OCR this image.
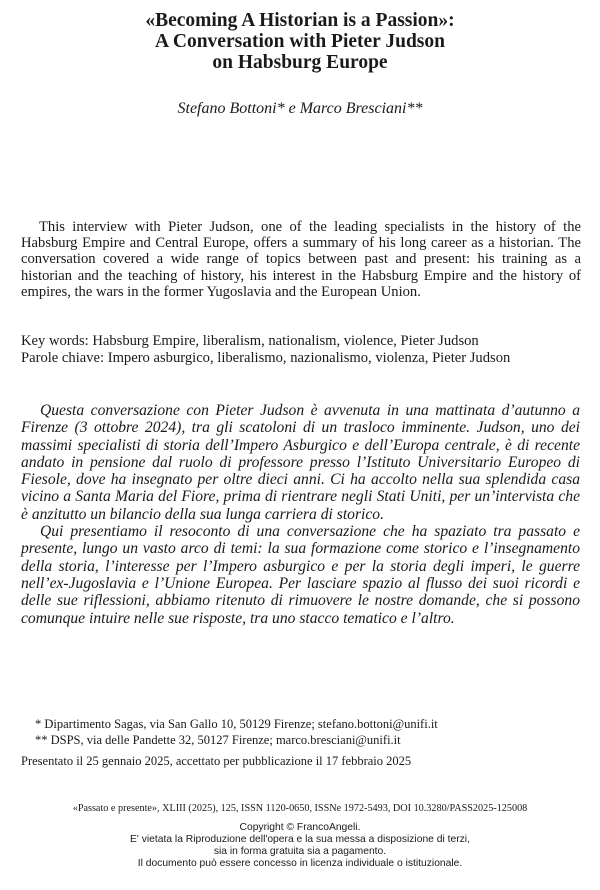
«Becoming A Historian is a Passion»:
A Conversation with Pieter Judson
on Habsburg Europe
Stefano Bottoni* e Marco Bresciani**

This interview with Pieter Judson, one of the leading specialists in the history of the Habsburg Empire and Central Europe, offers a summary of his long career as a historian. The conversation covered a wide range of topics between past and present: his training as a historian and the teaching of history, his interest in the Habsburg Empire and the history of empires, the wars in the former Yugoslavia and the European Union.

Key words: Habsburg Empire, liberalism, nationalism, violence, Pieter Judson
Parole chiave: Impero asburgico, liberalismo, nazionalismo, violenza, Pieter Judson

Questa conversazione con Pieter Judson è avvenuta in una mattinata d’autunno a Firenze (3 ottobre 2024), tra gli scatoloni di un trasloco imminente. Judson, uno dei massimi specialisti di storia dell’Impero Asburgico e dell’Europa centrale, è di recente andato in pensione dal ruolo di professore presso l’Istituto Universitario Europeo di Fiesole, dove ha insegnato per oltre dieci anni. Ci ha accolto nella sua splendida casa vicino a Santa Maria del Fiore, prima di rientrare negli Stati Uniti, per un’intervista che è anzitutto un bilancio della sua lunga carriera di storico.

Qui presentiamo il resoconto di una conversazione che ha spaziato tra passato e presente, lungo un vasto arco di temi: la sua formazione come storico e l’insegnamento della storia, l’interesse per l’Impero asburgico e per la storia degli imperi, le guerre nell’ex-Jugoslavia e l’Unione Europea. Per lasciare spazio al flusso dei suoi ricordi e delle sue riflessioni, abbiamo ritenuto di rimuovere le nostre domande, che si possono comunque intuire nelle sue risposte, tra uno stacco tematico e l’altro.

* Dipartimento Sagas, via San Gallo 10, 50129 Firenze; stefano.bottoni@unifi.it
** DSPS, via delle Pandette 32, 50127 Firenze; marco.bresciani@unifi.it
Presentato il 25 gennaio 2025, accettato per pubblicazione il 17 febbraio 2025
«Passato e presente», XLIII (2025), 125, ISSN 1120-0650, ISSNe 1972-5493, DOI 10.3280/PASS2025-125008
Copyright © FrancoAngeli.
E' vietata la Riproduzione dell'opera e la sua messa a disposizione di terzi,
sia in forma gratuita sia a pagamento.
Il documento può essere concesso in licenza individuale o istituzionale.
